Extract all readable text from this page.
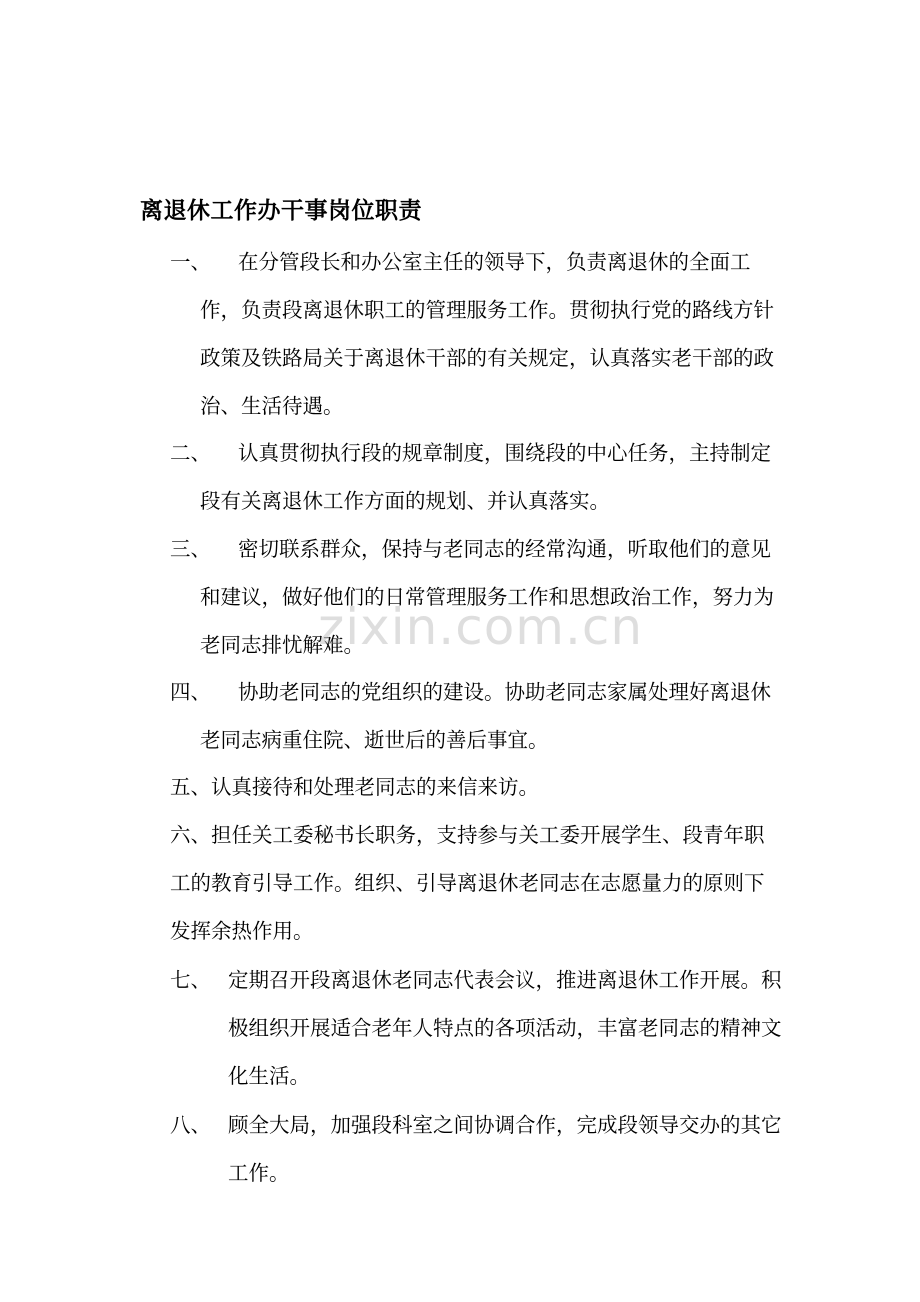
离退休工作办干事岗位职责
一、	在分管段长和办公室主任的领导下，负责离退休的全面工作，负责段离退休职工的管理服务工作。贯彻执行党的路线方针政策及铁路局关于离退休干部的有关规定，认真落实老干部的政治、生活待遇。
二、	认真贯彻执行段的规章制度，围绕段的中心任务，主持制定段有关离退休工作方面的规划、并认真落实。
三、	密切联系群众，保持与老同志的经常沟通，听取他们的意见和建议，做好他们的日常管理服务工作和思想政治工作，努力为老同志排忧解难。
四、	协助老同志的党组织的建设。协助老同志家属处理好离退休老同志病重住院、逝世后的善后事宜。
五、认真接待和处理老同志的来信来访。
六、担任关工委秘书长职务，支持参与关工委开展学生、段青年职工的教育引导工作。组织、引导离退休老同志在志愿量力的原则下发挥余热作用。
七、 定期召开段离退休老同志代表会议，推进离退休工作开展。积极组织开展适合老年人特点的各项活动，丰富老同志的精神文化生活。
八、 顾全大局，加强段科室之间协调合作，完成段领导交办的其它工作。
zixin.com.cn
